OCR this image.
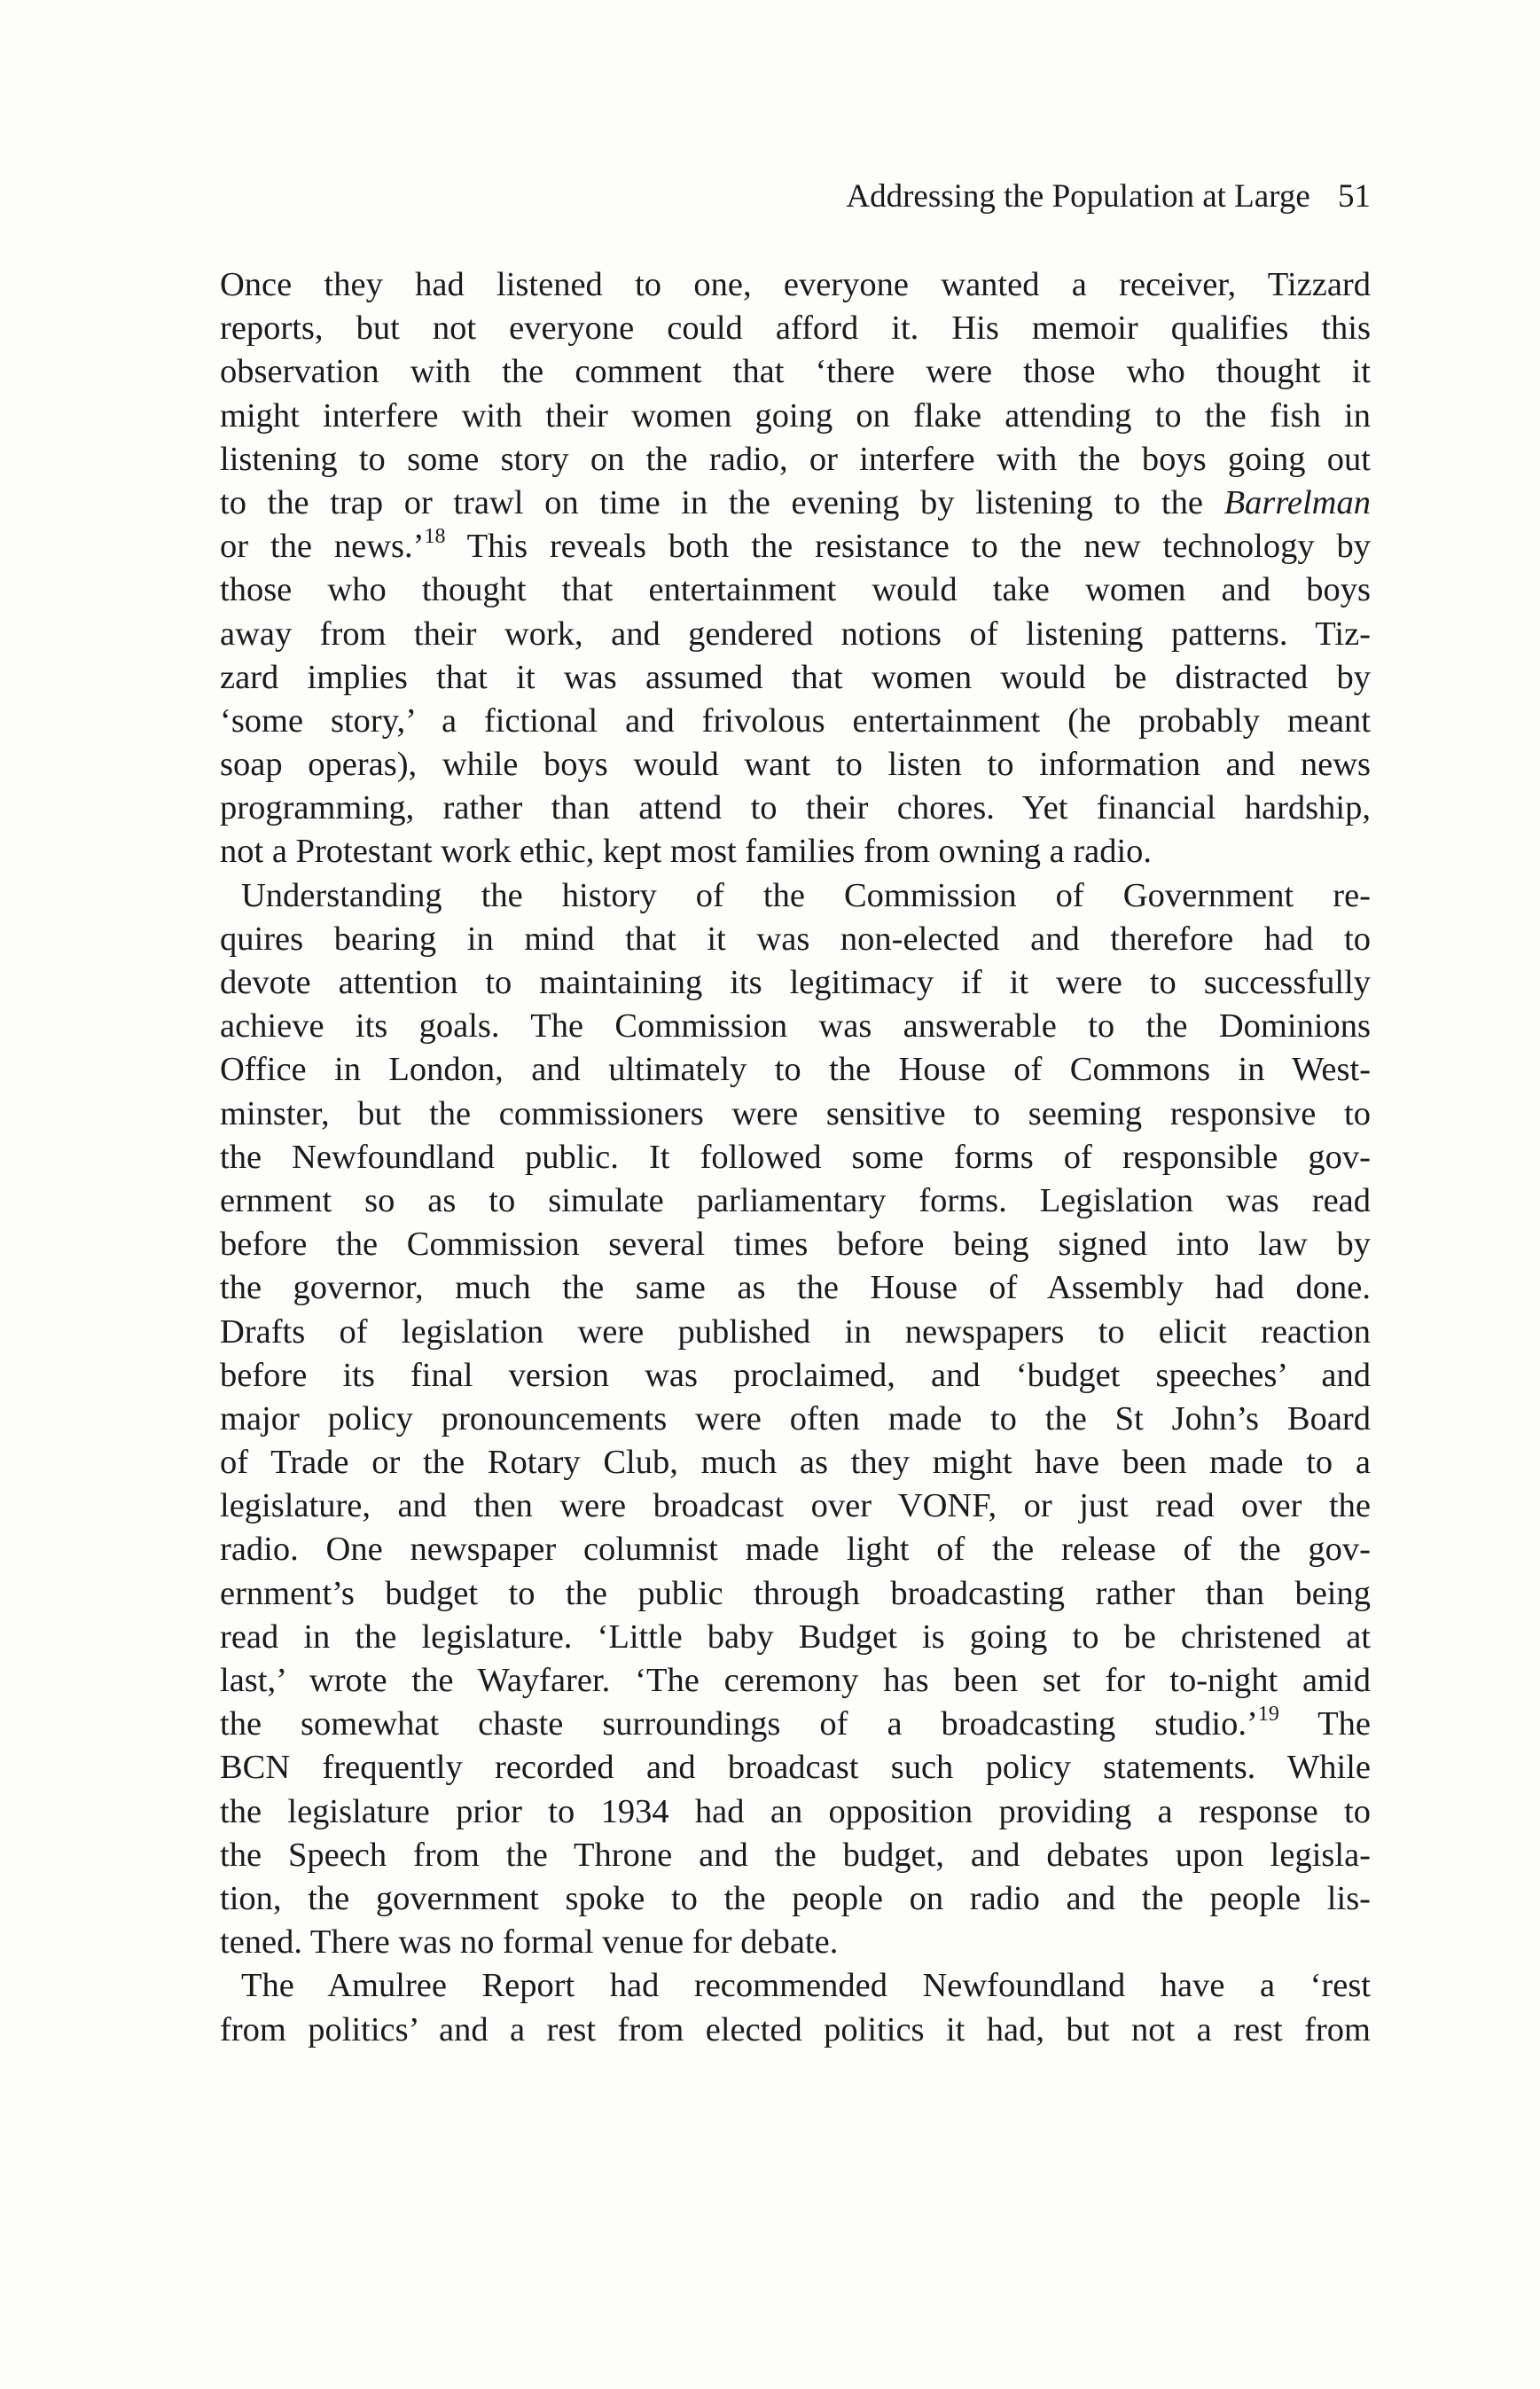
Addressing the Population at Large 51
Once they had listened to one, everyone wanted a receiver, Tizzard
reports, but not everyone could afford it. His memoir qualifies this
observation with the comment that ‘there were those who thought it
might interfere with their women going on flake attending to the fish in
listening to some story on the radio, or interfere with the boys going out
to the trap or trawl on time in the evening by listening to the Barrelman
or the news.’$^{18}$ This reveals both the resistance to the new technology by
those who thought that entertainment would take women and boys
away from their work, and gendered notions of listening patterns. Tiz-
zard implies that it was assumed that women would be distracted by
‘some story,’ a fictional and frivolous entertainment (he probably meant
soap operas), while boys would want to listen to information and news
programming, rather than attend to their chores. Yet financial hardship,
not a Protestant work ethic, kept most families from owning a radio.
Understanding the history of the Commission of Government re-
quires bearing in mind that it was non-elected and therefore had to
devote attention to maintaining its legitimacy if it were to successfully
achieve its goals. The Commission was answerable to the Dominions
Office in London, and ultimately to the House of Commons in West-
minster, but the commissioners were sensitive to seeming responsive to
the Newfoundland public. It followed some forms of responsible gov-
ernment so as to simulate parliamentary forms. Legislation was read
before the Commission several times before being signed into law by
the governor, much the same as the House of Assembly had done.
Drafts of legislation were published in newspapers to elicit reaction
before its final version was proclaimed, and ‘budget speeches’ and
major policy pronouncements were often made to the St John’s Board
of Trade or the Rotary Club, much as they might have been made to a
legislature, and then were broadcast over VONF, or just read over the
radio. One newspaper columnist made light of the release of the gov-
ernment’s budget to the public through broadcasting rather than being
read in the legislature. ‘Little baby Budget is going to be christened at
last,’ wrote the Wayfarer. ‘The ceremony has been set for to-night amid
the somewhat chaste surroundings of a broadcasting studio.’$^{19}$ The
BCN frequently recorded and broadcast such policy statements. While
the legislature prior to 1934 had an opposition providing a response to
the Speech from the Throne and the budget, and debates upon legisla-
tion, the government spoke to the people on radio and the people lis-
tened. There was no formal venue for debate.
The Amulree Report had recommended Newfoundland have a ‘rest
from politics’ and a rest from elected politics it had, but not a rest from
